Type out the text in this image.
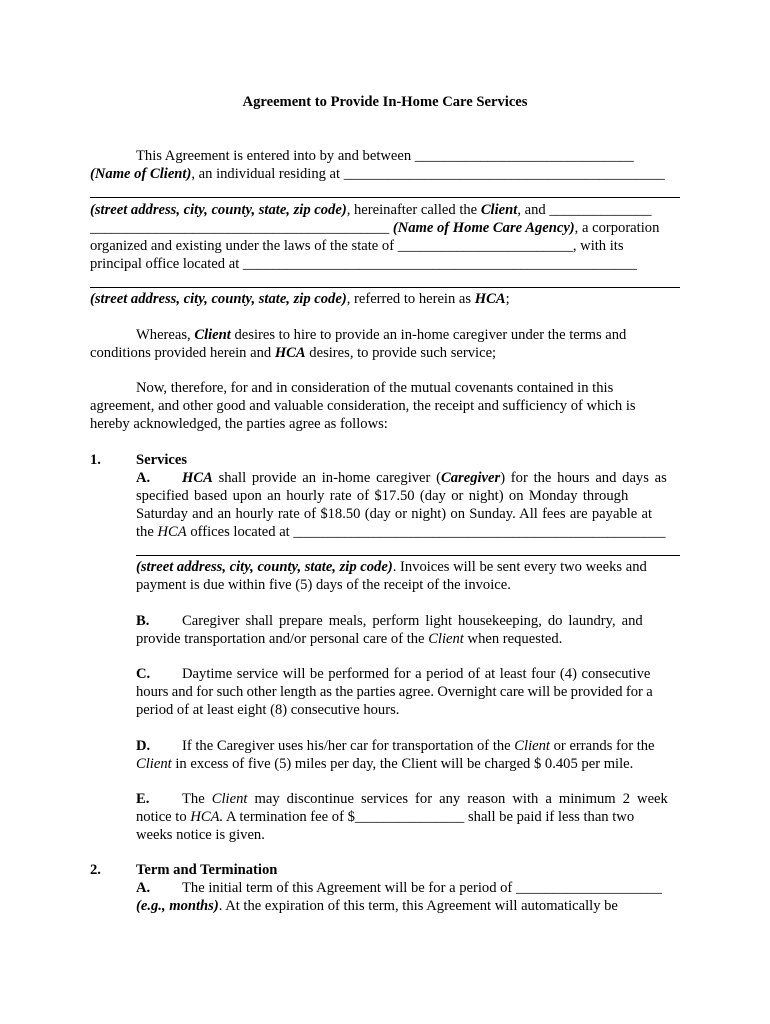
Agreement to Provide In-Home Care Services
This Agreement is entered into by and between ______________________________
(Name of Client), an individual residing at ____________________________________________
(street address, city, county, state, zip code), hereinafter called the Client, and ______________
_________________________________________ (Name of Home Care Agency), a corporation
organized and existing under the laws of the state of ________________________, with its
principal office located at ______________________________________________________
(street address, city, county, state, zip code), referred to herein as HCA;
Whereas, Client desires to hire to provide an in-home caregiver under the terms and
conditions provided herein and HCA desires, to provide such service;
Now, therefore, for and in consideration of the mutual covenants contained in this
agreement, and other good and valuable consideration, the receipt and sufficiency of which is
hereby acknowledged, the parties agree as follows:
1. Services
A. HCA shall provide an in-home caregiver (Caregiver) for the hours and days as
specified based upon an hourly rate of $17.50 (day or night) on Monday through
Saturday and an hourly rate of $18.50 (day or night) on Sunday. All fees are payable at
the HCA offices located at ___________________________________________________
(street address, city, county, state, zip code). Invoices will be sent every two weeks and
payment is due within five (5) days of the receipt of the invoice.
B. Caregiver shall prepare meals, perform light housekeeping, do laundry, and
provide transportation and/or personal care of the Client when requested.
C. Daytime service will be performed for a period of at least four (4) consecutive
hours and for such other length as the parties agree. Overnight care will be provided for a
period of at least eight (8) consecutive hours.
D. If the Caregiver uses his/her car for transportation of the Client or errands for the
Client in excess of five (5) miles per day, the Client will be charged $ 0.405 per mile.
E. The Client may discontinue services for any reason with a minimum 2 week
notice to HCA. A termination fee of $_______________ shall be paid if less than two
weeks notice is given.
2. Term and Termination
A. The initial term of this Agreement will be for a period of ____________________
(e.g., months). At the expiration of this term, this Agreement will automatically be
